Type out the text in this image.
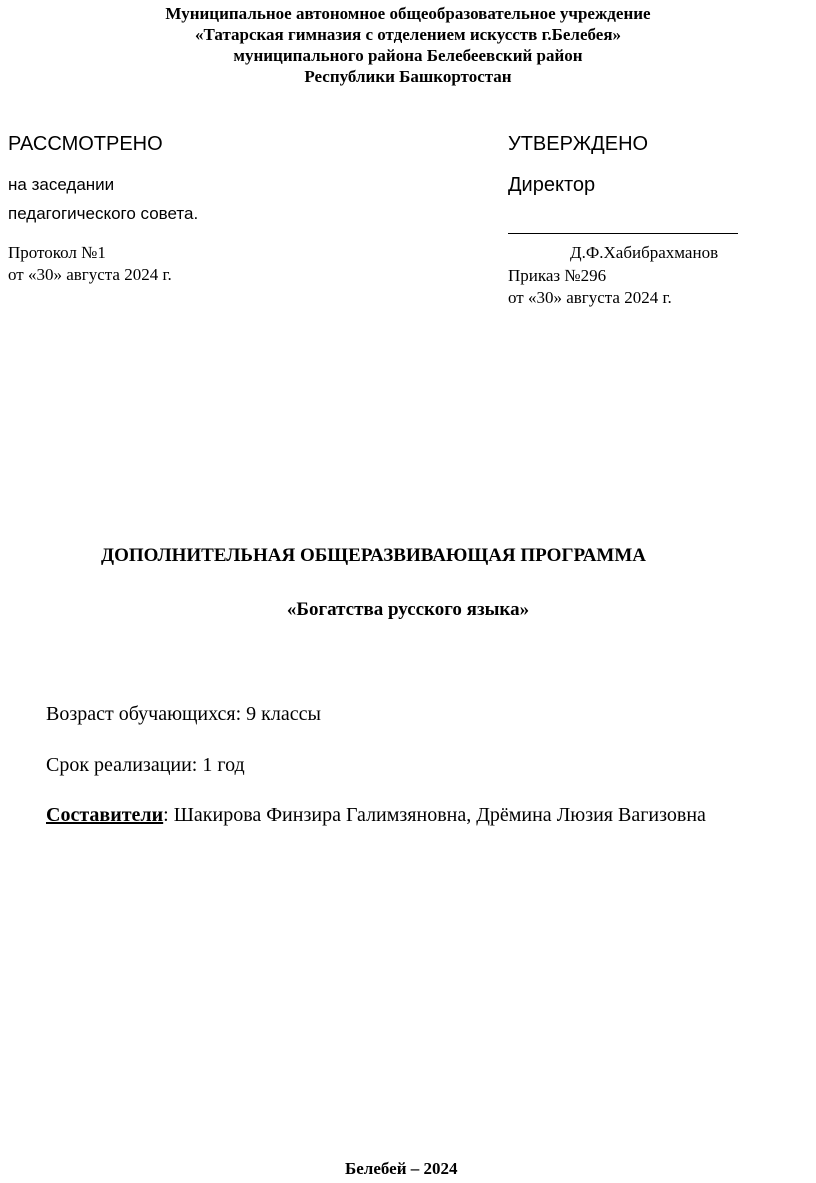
Муниципальное автономное общеобразовательное учреждение
«Татарская гимназия с отделением искусств г.Белебея»
муниципального района Белебеевский район
Республики Башкортостан
РАССМОТРЕНО
на заседании
педагогического совета.
Протокол №1
от «30» августа 2024 г.
УТВЕРЖДЕНО
Директор
Д.Ф.Хабибрахманов
Приказ №296
от «30» августа 2024 г.
ДОПОЛНИТЕЛЬНАЯ ОБЩЕРАЗВИВАЮЩАЯ ПРОГРАММА
«Богатства русского языка»
Возраст обучающихся: 9 классы
Срок реализации: 1 год
Составители: Шакирова Финзира Галимзяновна, Дрёмина Люзия Вагизовна
Белебей – 2024
